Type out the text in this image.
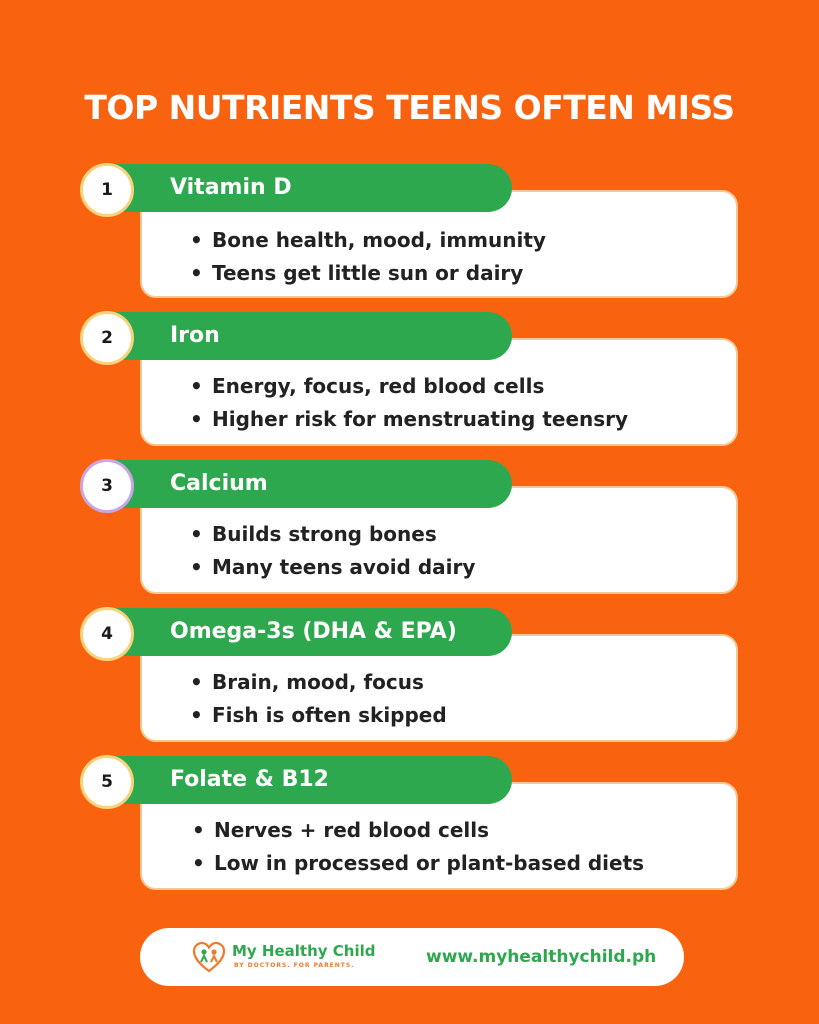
TOP NUTRIENTS TEENS OFTEN MISS
Vitamin D
1
• Bone health, mood, immunity
• Teens get little sun or dairy
Iron
2
• Energy, focus, red blood cells
• Higher risk for menstruating teensry
Calcium
3
• Builds strong bones
• Many teens avoid dairy
Omega-3s (DHA & EPA)
4
• Brain, mood, focus
• Fish is often skipped
Folate & B12
5
• Nerves + red blood cells
• Low in processed or plant-based diets
My Healthy Child
BY DOCTORS. FOR PARENTS.	www.myhealthychild.ph
